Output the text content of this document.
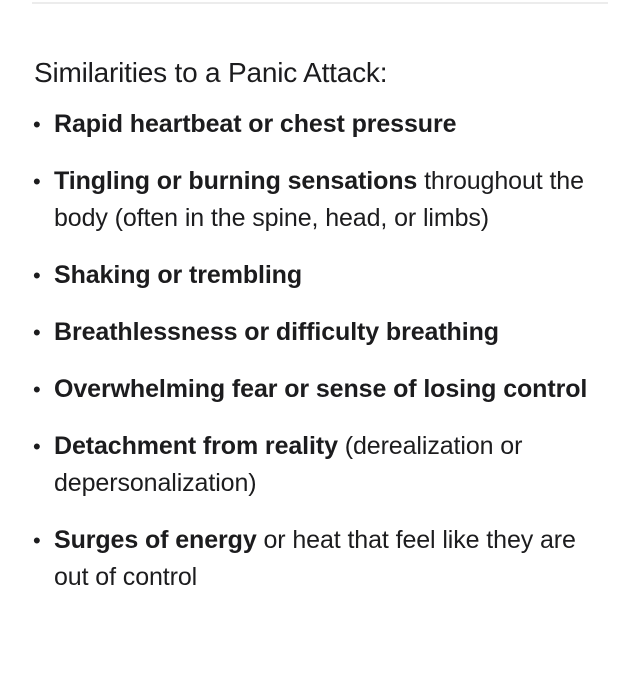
Similarities to a Panic Attack:
• Rapid heartbeat or chest pressure
• Tingling or burning sensations throughout the body (often in the spine, head, or limbs)
• Shaking or trembling
• Breathlessness or difficulty breathing
• Overwhelming fear or sense of losing control
• Detachment from reality (derealization or depersonalization)
• Surges of energy or heat that feel like they are out of control
